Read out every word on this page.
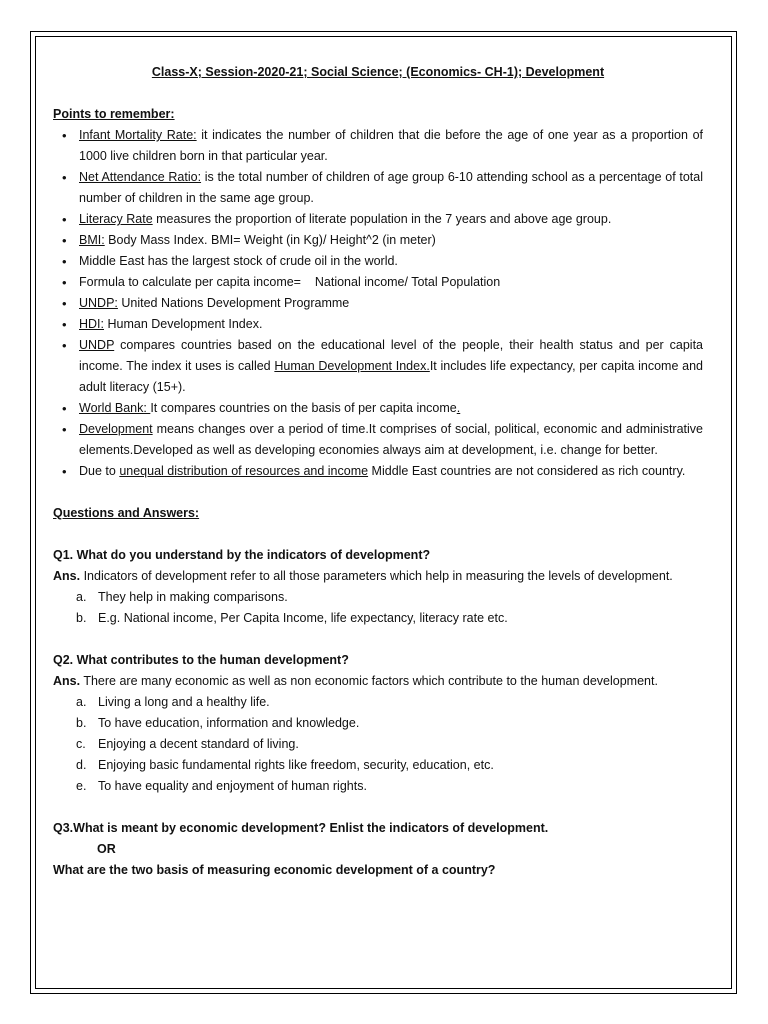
Class-X; Session-2020-21; Social Science; (Economics- CH-1); Development

Points to remember:

• Infant Mortality Rate: it indicates the number of children that die before the age of one year as a proportion of 1000 live children born in that particular year.
• Net Attendance Ratio: is the total number of children of age group 6-10 attending school as a percentage of total number of children in the same age group.
• Literacy Rate measures the proportion of literate population in the 7 years and above age group.
• BMI: Body Mass Index. BMI= Weight (in Kg)/ Height^2 (in meter)
• Middle East has the largest stock of crude oil in the world.
• Formula to calculate per capita income=    National income/ Total Population
• UNDP: United Nations Development Programme
• HDI: Human Development Index.
• UNDP compares countries based on the educational level of the people, their health status and per capita income. The index it uses is called Human Development Index.It includes life expectancy, per capita income and adult literacy (15+).
• World Bank: It compares countries on the basis of per capita income.
• Development means changes over a period of time.It comprises of social, political, economic and administrative elements.Developed as well as developing economies always aim at development, i.e. change for better.
• Due to unequal distribution of resources and income Middle East countries are not considered as rich country.

Questions and Answers:

Q1. What do you understand by the indicators of development?

Ans. Indicators of development refer to all those parameters which help in measuring the levels of development.

a. They help in making comparisons.
b. E.g. National income, Per Capita Income, life expectancy, literacy rate etc.

Q2. What contributes to the human development?

Ans. There are many economic as well as non economic factors which contribute to the human development.

a. Living a long and a healthy life.
b. To have education, information and knowledge.
c. Enjoying a decent standard of living.
d. Enjoying basic fundamental rights like freedom, security, education, etc.
e. To have equality and enjoyment of human rights.

Q3.What is meant by economic development? Enlist the indicators of development.

OR

What are the two basis of measuring economic development of a country?
